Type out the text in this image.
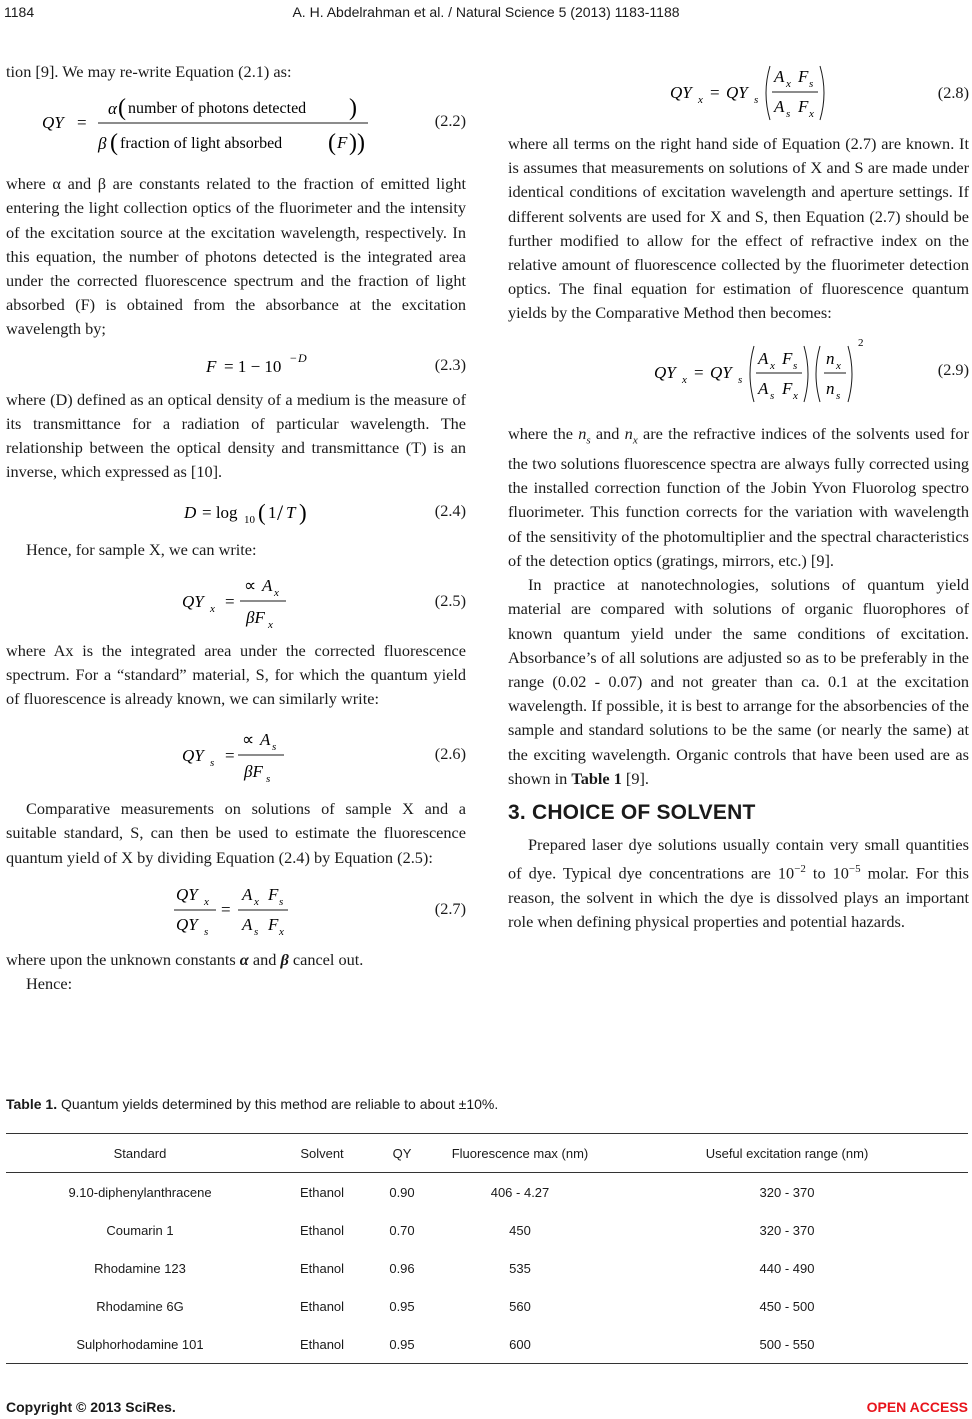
1184	A. H. Abdelrahman et al. / Natural Science 5 (2013) 1183-1188

tion [9]. We may re-write Equation (2.1) as:

QY =
α ( number of photons detected )
β ( fraction of light absorbed ( F ))
(2.2)

where α and β are constants related to the fraction of emitted light entering the light collection optics of the fluorimeter and the intensity of the excitation source at the excitation wavelength, respectively. In this equation, the number of photons detected is the integrated area under the corrected fluorescence spectrum and the fraction of light absorbed (F) is obtained from the absorbance at the excitation wavelength by;

F = 1 − 10 − D	(2.3)

where (D) defined as an optical density of a medium is the measure of its transmittance for a radiation of particular wavelength. The relationship between the optical density and transmittance (T) is an inverse, which expressed as [10].

D = log 10 ( 1 / T )	(2.4)

Hence, for sample X, we can write:

QY x =
∝ A x
βF x
(2.5)

where Ax is the integrated area under the corrected fluorescence spectrum. For a “standard” material, S, for which the quantum yield of fluorescence is already known, we can similarly write:

QY s =
∝ A s
βF s
(2.6)

Comparative measurements on solutions of sample X and a suitable standard, S, can then be used to estimate the fluorescence quantum yield of X by dividing Equation (2.4) by Equation (2.5):

QY x
QY s
=
A x F s
A s F x
(2.7)

where upon the unknown constants α and β cancel out.

Hence:

QY x = QY s
A x F s
A s F x
(2.8)

where all terms on the right hand side of Equation (2.7) are known. It is assumes that measurements on solutions of X and S are made under identical conditions of excitation wavelength and aperture settings. If different solvents are used for X and S, then Equation (2.7) should be further modified to allow for the effect of refractive index on the relative amount of fluorescence collected by the fluorimeter detection optics. The final equation for estimation of fluorescence quantum yields by the Comparative Method then becomes:

QY x = QY s
A x F s
A s F x
n x
n s
2
(2.9)

where the $n_s$ and $n_x$ are the refractive indices of the solvents used for the two solutions fluorescence spectra are always fully corrected using the installed correction function of the Jobin Yvon Fluorolog spectro fluorimeter. This function corrects for the variation with wavelength of the sensitivity of the photomultiplier and the spectral characteristics of the detection optics (gratings, mirrors, etc.) [9].

In practice at nanotechnologies, solutions of quantum yield material are compared with solutions of organic fluorophores of known quantum yield under the same conditions of excitation. Absorbance’s of all solutions are adjusted so as to be preferably in the range (0.02 - 0.07) and not greater than ca. 0.1 at the excitation wavelength. If possible, it is best to arrange for the absorbencies of the sample and standard solutions to be the same (or nearly the same) at the exciting wavelength. Organic controls that have been used are as shown in Table 1 [9].

3. CHOICE OF SOLVENT

Prepared laser dye solutions usually contain very small quantities of dye. Typical dye concentrations are $10^{-2}$ to $10^{-5}$ molar. For this reason, the solvent in which the dye is dissolved plays an important role when defining physical properties and potential hazards.

Table 1. Quantum yields determined by this method are reliable to about ±10%.
Standard	Solvent	QY	Fluorescence max (nm)	Useful excitation range (nm)
9.10-diphenylanthracene	Ethanol	0.90	406 - 4.27	320 - 370
Coumarin 1	Ethanol	0.70	450	320 - 370
Rhodamine 123	Ethanol	0.96	535	440 - 490
Rhodamine 6G	Ethanol	0.95	560	450 - 500
Sulphorhodamine 101	Ethanol	0.95	600	500 - 550
Copyright © 2013 SciRes.	OPEN ACCESS
